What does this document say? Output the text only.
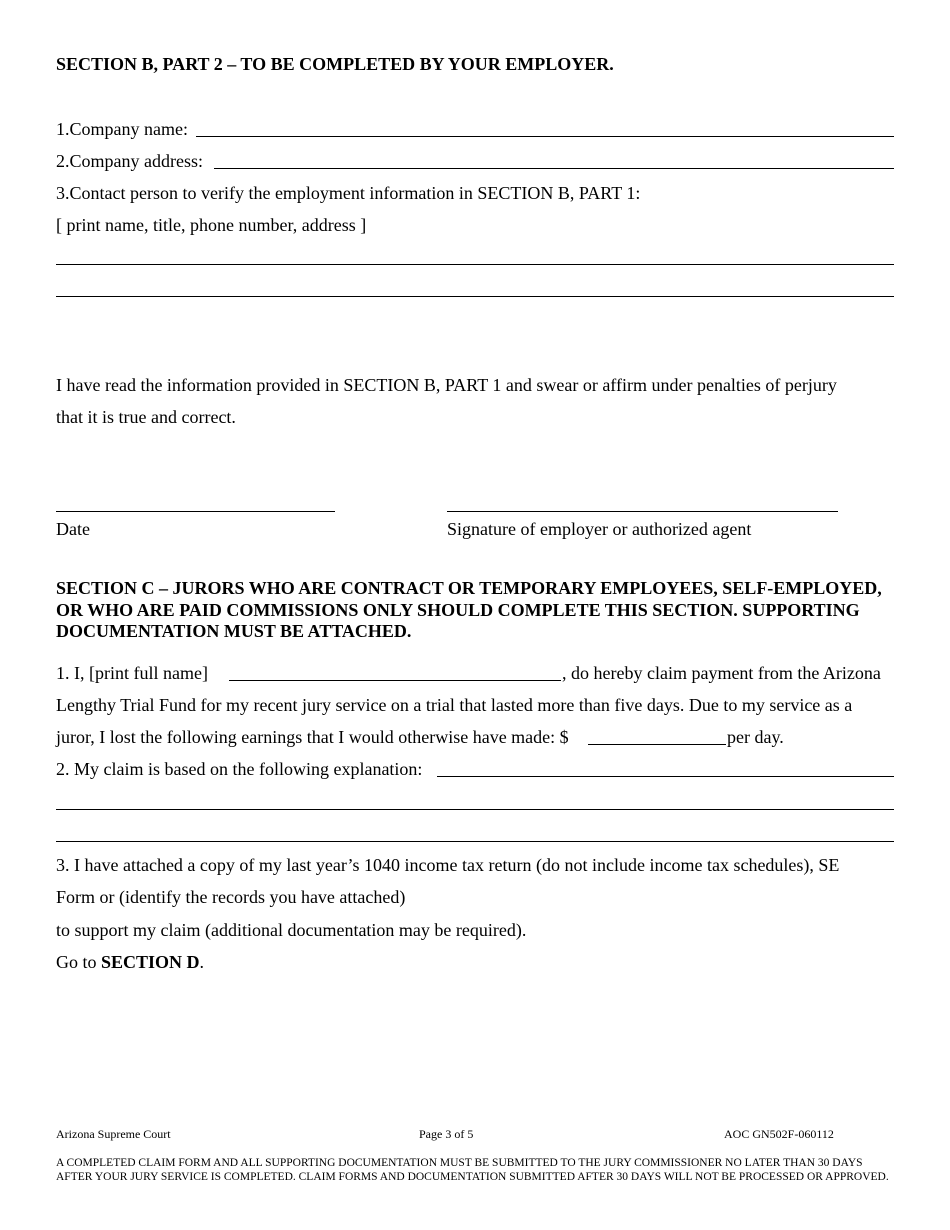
SECTION B, PART 2 – TO BE COMPLETED BY YOUR EMPLOYER.
1.Company name:
2.Company address:
3.Contact person to verify the employment information in SECTION B, PART 1:
[ print name, title, phone number, address ]
I have read the information provided in SECTION B, PART 1 and swear or affirm under penalties of perjury
that it is true and correct.
Date	Signature of employer or authorized agent
SECTION C – JURORS WHO ARE CONTRACT OR TEMPORARY EMPLOYEES, SELF-EMPLOYED, OR WHO ARE PAID COMMISSIONS ONLY SHOULD COMPLETE THIS SECTION. SUPPORTING DOCUMENTATION MUST BE ATTACHED.
1. I, [print full name]	, do hereby claim payment from the Arizona
Lengthy Trial Fund for my recent jury service on a trial that lasted more than five days. Due to my service as a
juror, I lost the following earnings that I would otherwise have made: $	per day.
2. My claim is based on the following explanation:
3. I have attached a copy of my last year’s 1040 income tax return (do not include income tax schedules), SE
Form or (identify the records you have attached)
to support my claim (additional documentation may be required).
Go to SECTION D.
Arizona Supreme Court	Page 3 of 5	AOC GN502F-060112
A COMPLETED CLAIM FORM AND ALL SUPPORTING DOCUMENTATION MUST BE SUBMITTED TO THE JURY COMMISSIONER NO LATER THAN 30 DAYS AFTER YOUR JURY SERVICE IS COMPLETED. CLAIM FORMS AND DOCUMENTATION SUBMITTED AFTER 30 DAYS WILL NOT BE PROCESSED OR APPROVED.
